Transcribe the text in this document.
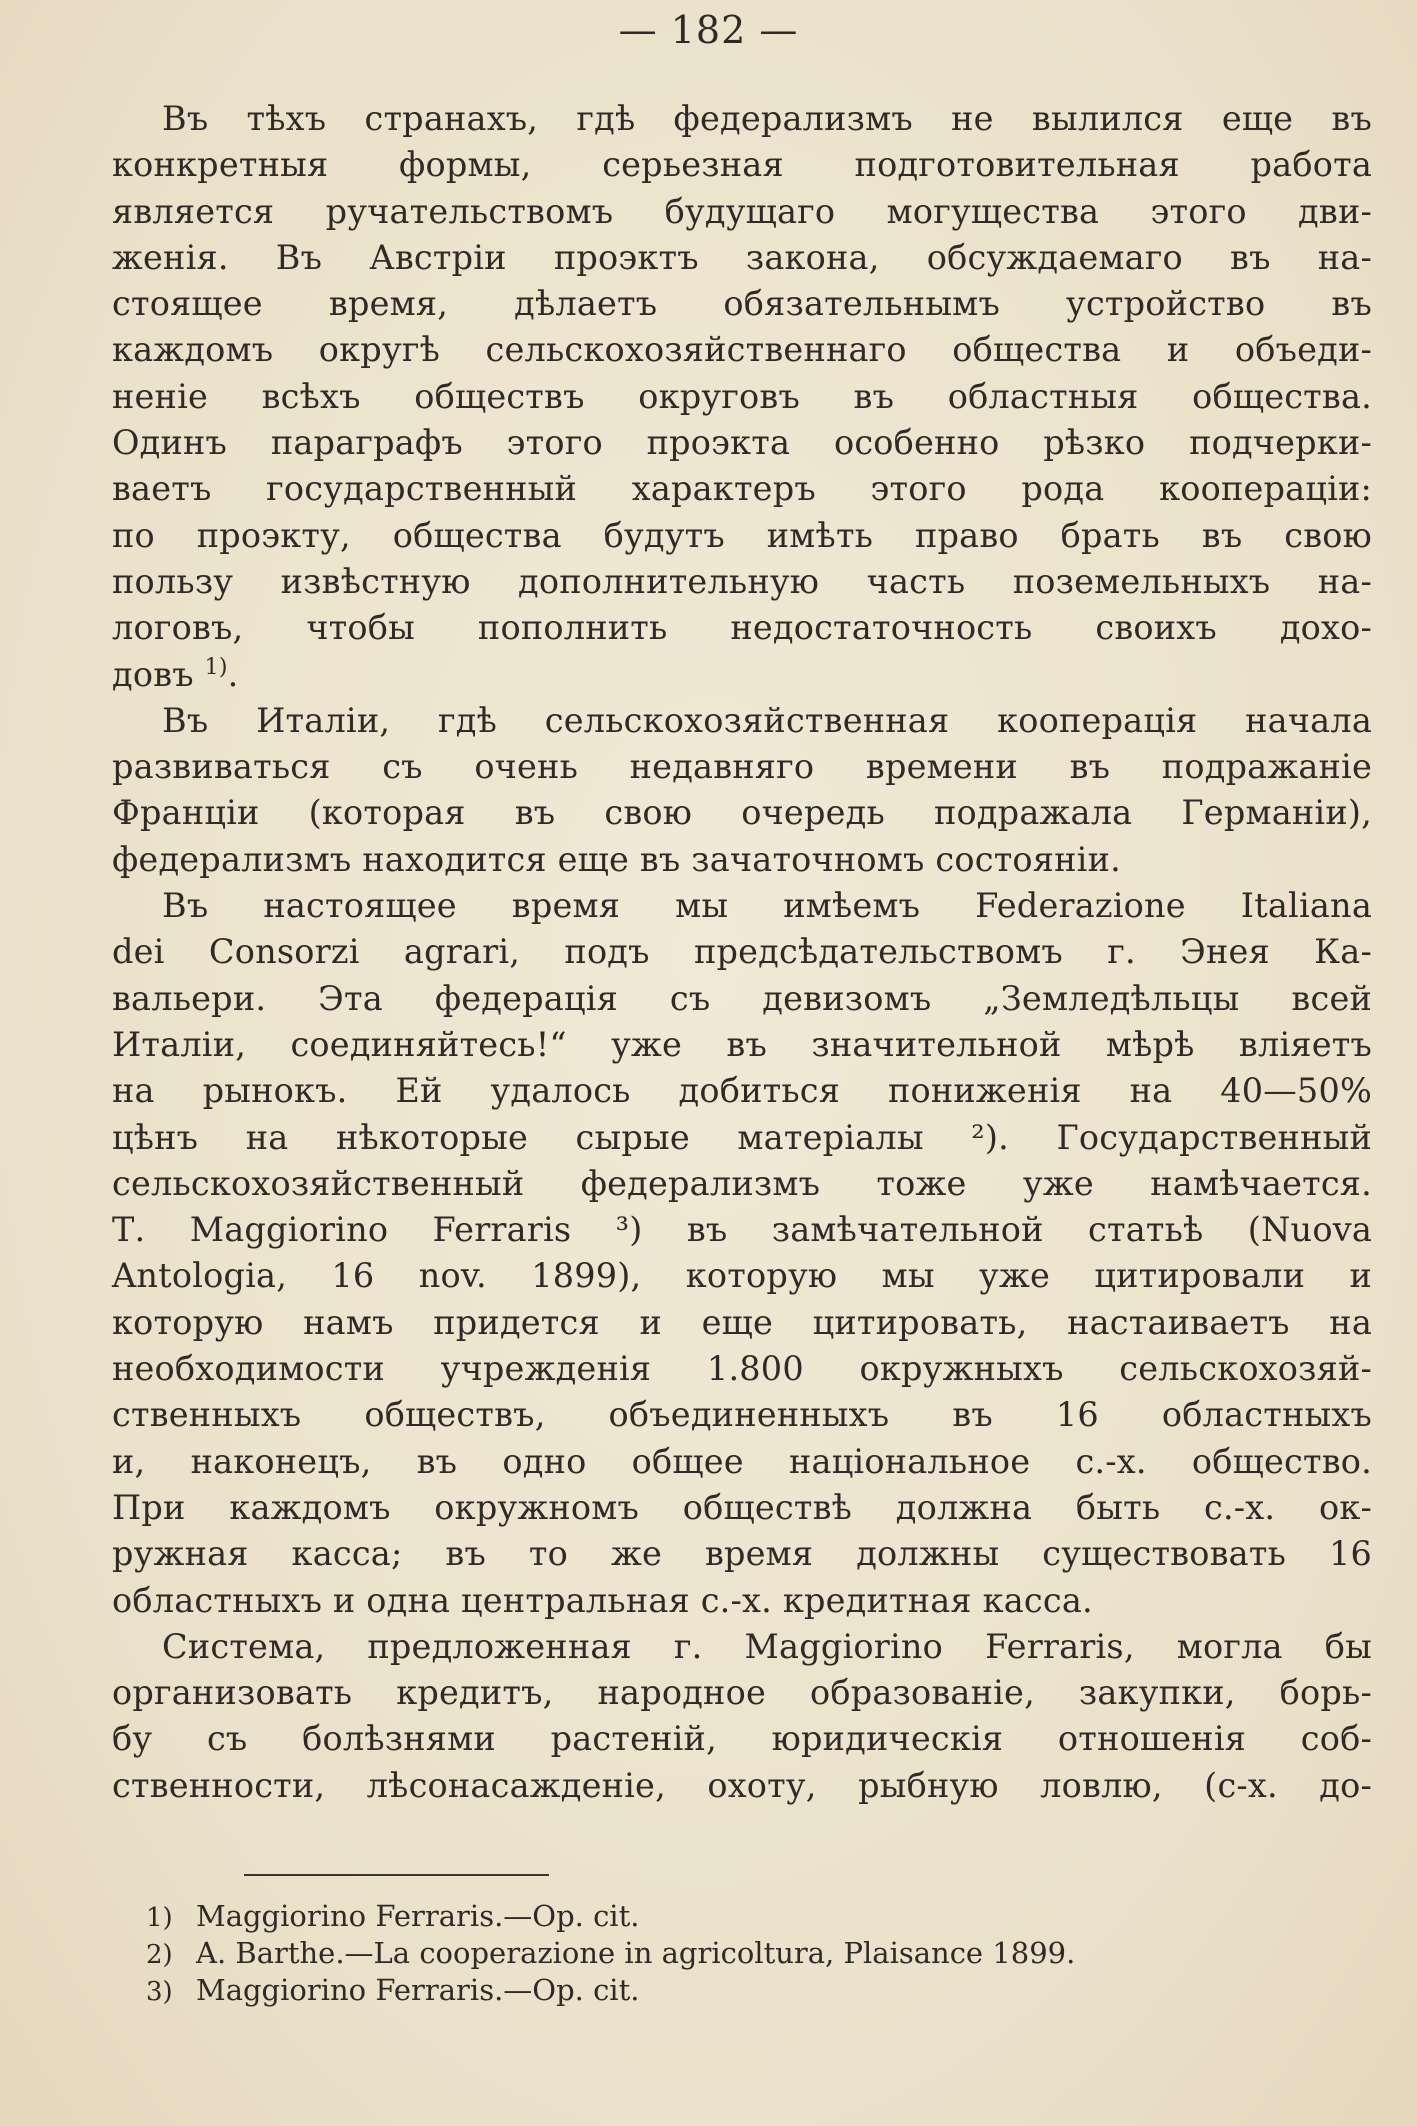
— 182 —
Въ тѣхъ странахъ, гдѣ федерализмъ не вылился еще въ
конкретныя формы, серьезная подготовительная работа
является ручательствомъ будущаго могущества этого дви-
женія. Въ Австріи проэктъ закона, обсуждаемаго въ на-
стоящее время, дѣлаетъ обязательнымъ устройство въ
каждомъ округѣ сельскохозяйственнаго общества и объеди-
неніе всѣхъ обществъ округовъ въ областныя общества.
Одинъ параграфъ этого проэкта особенно рѣзко подчерки-
ваетъ государственный характеръ этого рода коопераціи:
по проэкту, общества будутъ имѣть право брать въ свою
пользу извѣстную дополнительную часть поземельныхъ на-
логовъ, чтобы пополнить недостаточность своихъ дохо-
довъ $^{1)}$.
Въ Италіи, гдѣ сельскохозяйственная кооперація начала
развиваться съ очень недавняго времени въ подражаніе
Франціи (которая въ свою очередь подражала Германіи),
федерализмъ находится еще въ зачаточномъ состояніи.
Въ настоящее время мы имѣемъ Federazione Italiana
dei Consorzi agrari, подъ предсѣдательствомъ г. Энея Ка-
вальери. Эта федерація съ девизомъ „Земледѣльцы всей
Италіи, соединяйтесь!“ уже въ значительной мѣрѣ вліяетъ
на рынокъ. Ей удалось добиться пониженія на 40—50%
цѣнъ на нѣкоторые сырые матеріалы ²). Государственный
сельскохозяйственный федерализмъ тоже уже намѣчается.
Т. Maggiorino Ferraris ³) въ замѣчательной статьѣ (Nuova
Antologia, 16 nov. 1899), которую мы уже цитировали и
которую намъ придется и еще цитировать, настаиваетъ на
необходимости учрежденія 1.800 окружныхъ сельскохозяй-
ственныхъ обществъ, объединенныхъ въ 16 областныхъ
и, наконецъ, въ одно общее національное с.-х. общество.
При каждомъ окружномъ обществѣ должна быть с.-х. ок-
ружная касса; въ то же время должны существовать 16
областныхъ и одна центральная с.-х. кредитная касса.
Система, предложенная г. Maggiorino Ferraris, могла бы
организовать кредитъ, народное образованіе, закупки, борь-
бу съ болѣзнями растеній, юридическія отношенія соб-
ственности, лѣсонасажденіе, охоту, рыбную ловлю, (с-х. до-
1) Maggiorino Ferraris.—Op. cit.
2) A. Barthe.—La cooperazione in agricoltura, Plaisance 1899.
3) Maggiorino Ferraris.—Op. cit.
